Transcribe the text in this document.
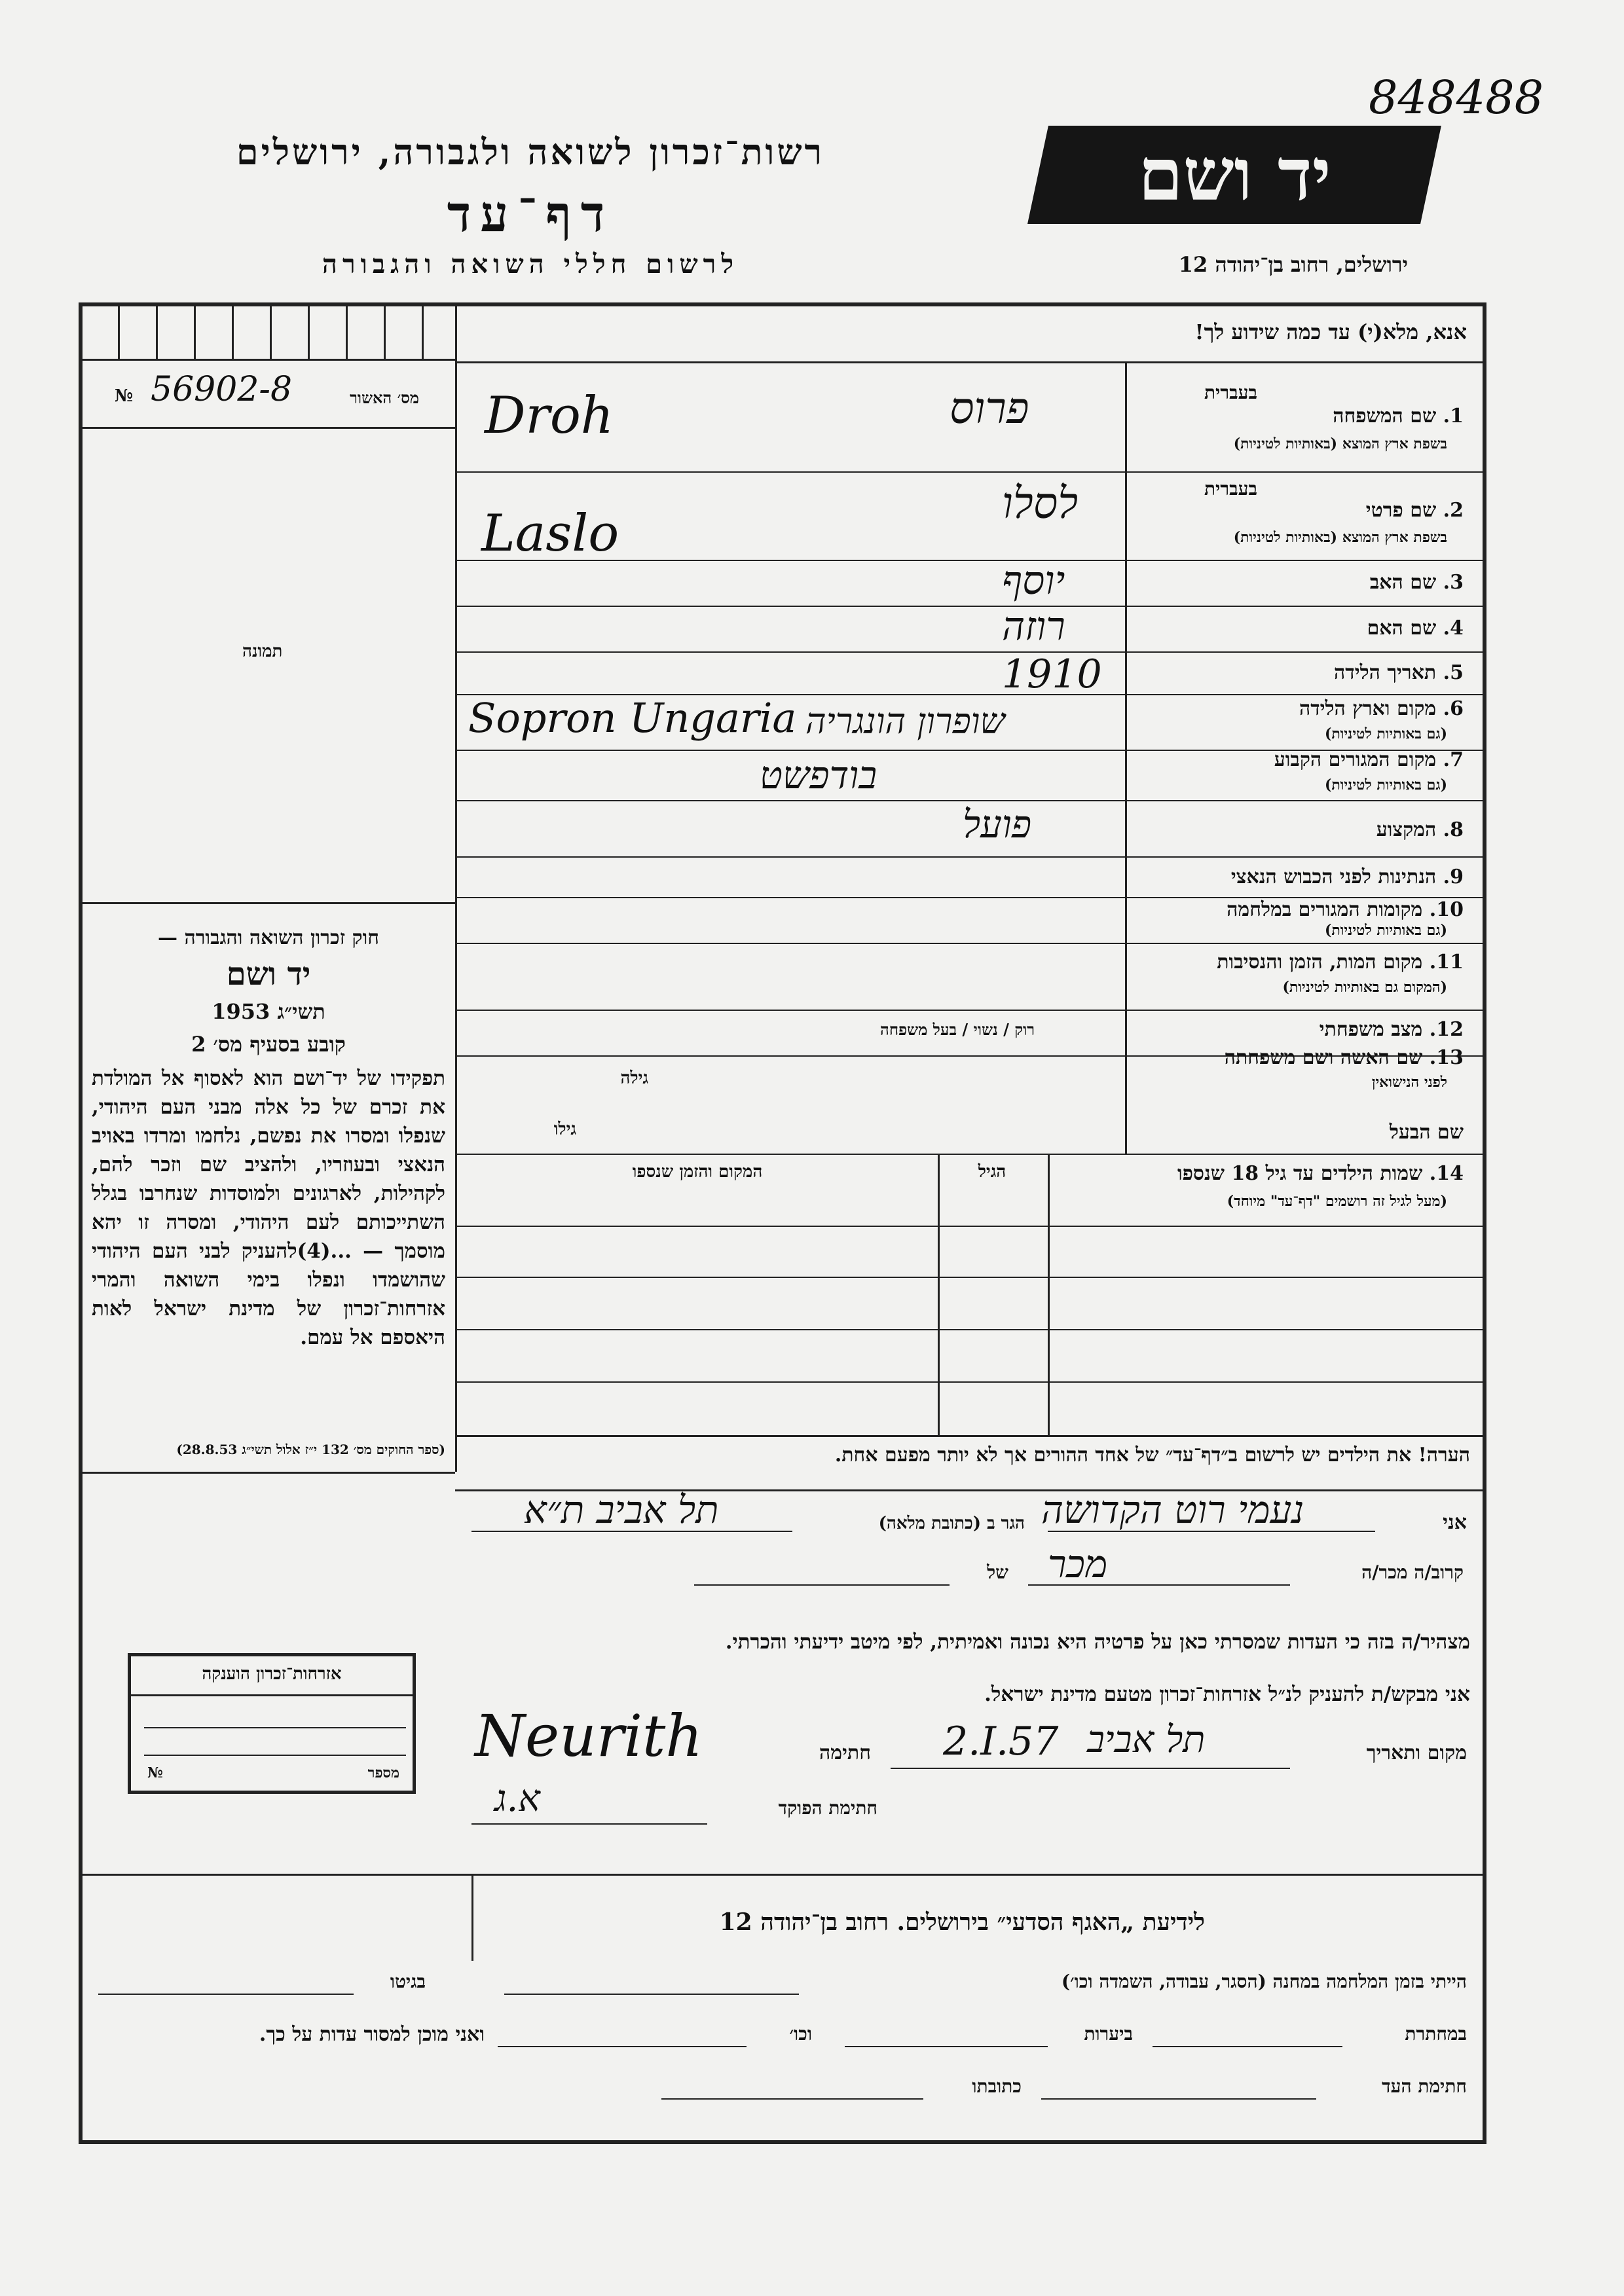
848488
רשות־זכרון לשואה ולגבורה, ירושלים
דף־עד
לרשום חללי השואה והגבורה
יד ושם
ירושלים, רחוב בן־יהודה 12
אנא, מלא(י) עד כמה שידוע לך!
מס׳ האשור
№ 56902-8
תמונה
1. שם המשפחה
בשפת ארץ המוצא (באותיות לטיניות)
בעברית
2. שם פרטי
בשפת ארץ המוצא (באותיות לטיניות)
בעברית
3. שם האב
4. שם האם
5. תאריך הלידה
6. מקום וארץ הלידה
(גם באותיות לטיניות)
7. מקום המגורים הקבוע
(גם באותיות לטיניות)
8. המקצוע
9. הנתינות לפני הכבוש הנאצי
10. מקומות המגורים במלחמה
(גם באותיות לטיניות)
11. מקום המות, הזמן והנסיבות
(המקום גם באותיות לטיניות)
12. מצב משפחתי
רוק / נשוי / בעל משפחה
13. שם האשה ושם משפחתה
לפני הנישואין
גילה
שם הבעל
גילו
14. שמות הילדים עד גיל 18 שנספו
(מעל לגיל זה רושמים "דף־עד" מיוחד)
הגיל
המקום והזמן שנספו
פרוס
Droh
לסלו
Laslo
יוסף
רוזה
1910
שופרון הונגריה
Sopron Ungaria
בודפשט
פועל
חוק זכרון השואה והגבורה —
יד ושם
תשי״ג 1953
קובע בסעיף מס׳ 2
תפקידו של יד־ושם הוא לאסוף אל המולדת את זכרם של כל אלה מבני העם היהודי, שנפלו ומסרו את נפשם, נלחמו ומרדו באויב הנאצי ובעוזריו, ולהציב שם וזכר להם, לקהילות, לארגונים ולמוסדות שנחרבו בגלל השתייכותם לעם היהודי, ומסרה זו יהא מוסמך — ...(4)להעניק לבני העם היהודי שהושמדו ונפלו בימי השואה והמרי אזרחות־זכרון של מדינת ישראל לאות היאספם אל עמם.
(ספר החוקים מס׳ 132 י״ז אלול תשי״ג 28.8.53)	הערה! את הילדים יש לרשום ב״דף־עד״ של אחד ההורים אך לא יותר מפעם אחת.
אני
נעמי רוט הקדושה
הגר ב (כתובת מלאה)
תל אביב ת״א
קרוב/ה מכר/ה
מכר
של
מצהיר/ה בזה כי העדות שמסרתי כאן על פרטיה היא נכונה ואמיתית, לפי מיטב ידיעתי והכרתי.
אני מבקש/ת להעניק לנ״ל אזרחות־זכרון מטעם מדינת ישראל.
מקום ותאריך
תל אביב
2.I.57
חתימה
Neurith
חתימת הפוקד
א.ג
אזרחות־זכרון הוענקה
מספר
№
לידיעת „האגף הסדעי״ בירושלים. רחוב בן־יהודה 12
הייתי בזמן המלחמה במחנה (הסגר, עבודה, השמדה וכו׳)
בגיטו
במחתרת
ביערות
וכו׳
ואני מוכן למסור עדות על כך.
חתימת העד
כתובתו
